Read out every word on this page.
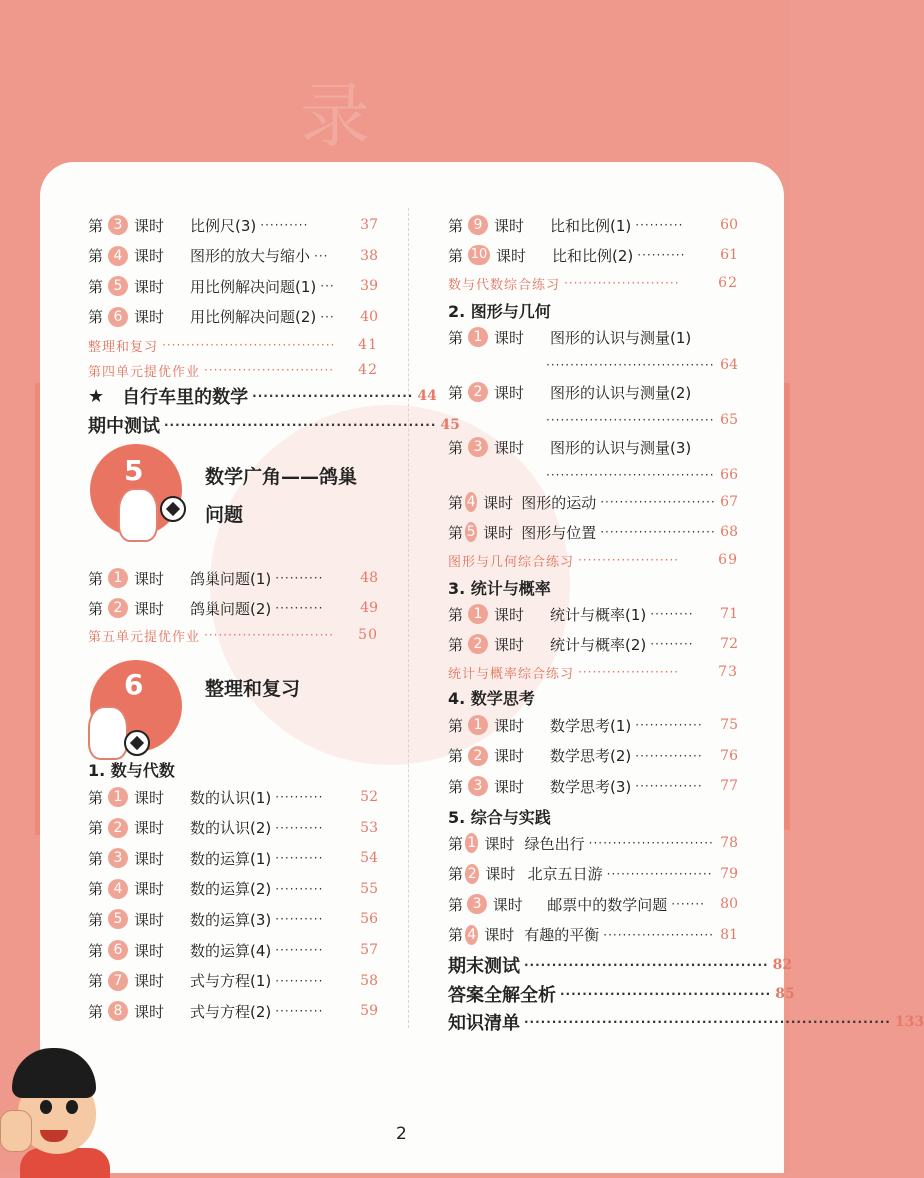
录
5	数学广角——鸽巢
问题
6	整理和复习
2
第 3 课时	比例尺(3) ··········	37
第 4 课时	图形的放大与缩小 ···	38
第 5 课时	用比例解决问题(1) ···	39
第 6 课时	用比例解决问题(2) ···	40
整理和复习 ····································	41
第四单元提优作业 ···························	42
★ 自行车里的数学 ····························· 44
期中测试 ················································· 45
第 1 课时	鸽巢问题(1) ··········	48
第 2 课时	鸽巢问题(2) ··········	49
第五单元提优作业 ···························	50
1. 数与代数
第 1 课时	数的认识(1) ··········	52
第 2 课时	数的认识(2) ··········	53
第 3 课时	数的运算(1) ··········	54
第 4 课时	数的运算(2) ··········	55
第 5 课时	数的运算(3) ··········	56
第 6 课时	数的运算(4) ··········	57
第 7 课时	式与方程(1) ··········	58
第 8 课时	式与方程(2) ··········	59
第 9 课时	比和比例(1) ··········	60
第 10 课时	比和比例(2) ··········	61
数与代数综合练习 ························	62
2. 图形与几何
第 1 课时	图形的认识与测量(1)
··································· 64
第 2 课时	图形的认识与测量(2)
··································· 65
第 3 课时	图形的认识与测量(3)
··································· 66
第 4 课时 图形的运动 ························ 67
第 5 课时 图形与位置 ························ 68
图形与几何综合练习 ·····················	69
3. 统计与概率
第 1 课时	统计与概率(1) ·········	71
第 2 课时	统计与概率(2) ·········	72
统计与概率综合练习 ·····················	73
4. 数学思考
第 1 课时	数学思考(1) ··············	75
第 2 课时	数学思考(2) ··············	76
第 3 课时	数学思考(3) ··············	77
5. 综合与实践
第 1 课时 绿色出行 ·························· 78
第 2 课时 北京五日游 ······················ 79
第 3 课时	邮票中的数学问题 ·······	80
第 4 课时 有趣的平衡 ······················· 81
期末测试 ············································ 82
答案全解全析 ······································ 85
知识清单 ·································································· 133
